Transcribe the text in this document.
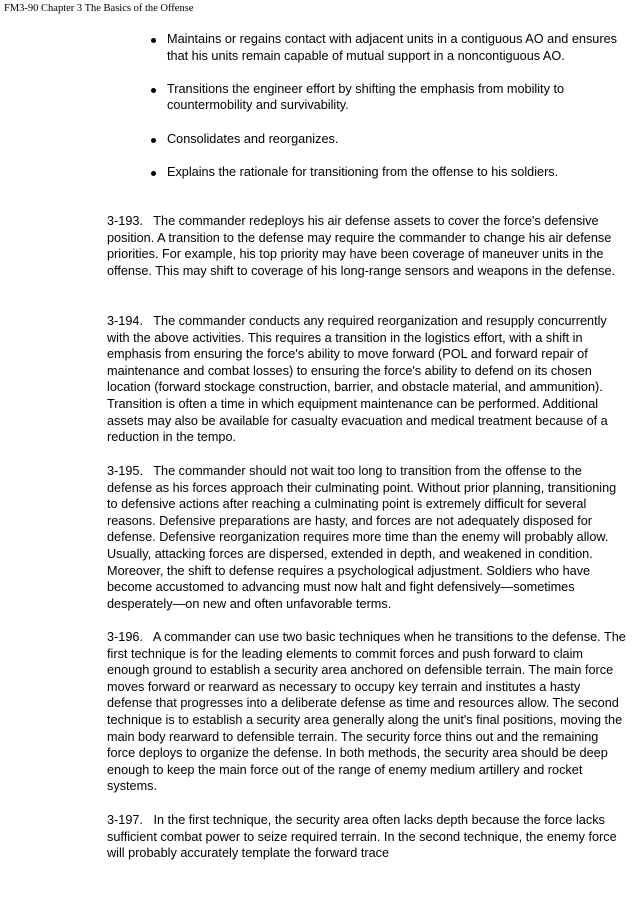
FM3-90 Chapter 3 The Basics of the Offense
Maintains or regains contact with adjacent units in a contiguous AO and ensures that his units remain capable of mutual support in a noncontiguous AO.
Transitions the engineer effort by shifting the emphasis from mobility to countermobility and survivability.
Consolidates and reorganizes.
Explains the rationale for transitioning from the offense to his soldiers.

3-193. The commander redeploys his air defense assets to cover the force's defensive position. A transition to the defense may require the commander to change his air defense priorities. For example, his top priority may have been coverage of maneuver units in the offense. This may shift to coverage of his long-range sensors and weapons in the defense.

3-194. The commander conducts any required reorganization and resupply concurrently with the above activities. This requires a transition in the logistics effort, with a shift in emphasis from ensuring the force's ability to move forward (POL and forward repair of maintenance and combat losses) to ensuring the force's ability to defend on its chosen location (forward stockage construction, barrier, and obstacle material, and ammunition). Transition is often a time in which equipment maintenance can be performed. Additional assets may also be available for casualty evacuation and medical treatment because of a reduction in the tempo.

3-195. The commander should not wait too long to transition from the offense to the defense as his forces approach their culminating point. Without prior planning, transitioning to defensive actions after reaching a culminating point is extremely difficult for several reasons. Defensive preparations are hasty, and forces are not adequately disposed for defense. Defensive reorganization requires more time than the enemy will probably allow. Usually, attacking forces are dispersed, extended in depth, and weakened in condition. Moreover, the shift to defense requires a psychological adjustment. Soldiers who have become accustomed to advancing must now halt and fight defensively—sometimes desperately—on new and often unfavorable terms.

3-196. A commander can use two basic techniques when he transitions to the defense. The first technique is for the leading elements to commit forces and push forward to claim enough ground to establish a security area anchored on defensible terrain. The main force moves forward or rearward as necessary to occupy key terrain and institutes a hasty defense that progresses into a deliberate defense as time and resources allow. The second technique is to establish a security area generally along the unit's final positions, moving the main body rearward to defensible terrain. The security force thins out and the remaining force deploys to organize the defense. In both methods, the security area should be deep enough to keep the main force out of the range of enemy medium artillery and rocket systems.

3-197. In the first technique, the security area often lacks depth because the force lacks sufficient combat power to seize required terrain. In the second technique, the enemy force will probably accurately template the forward trace
